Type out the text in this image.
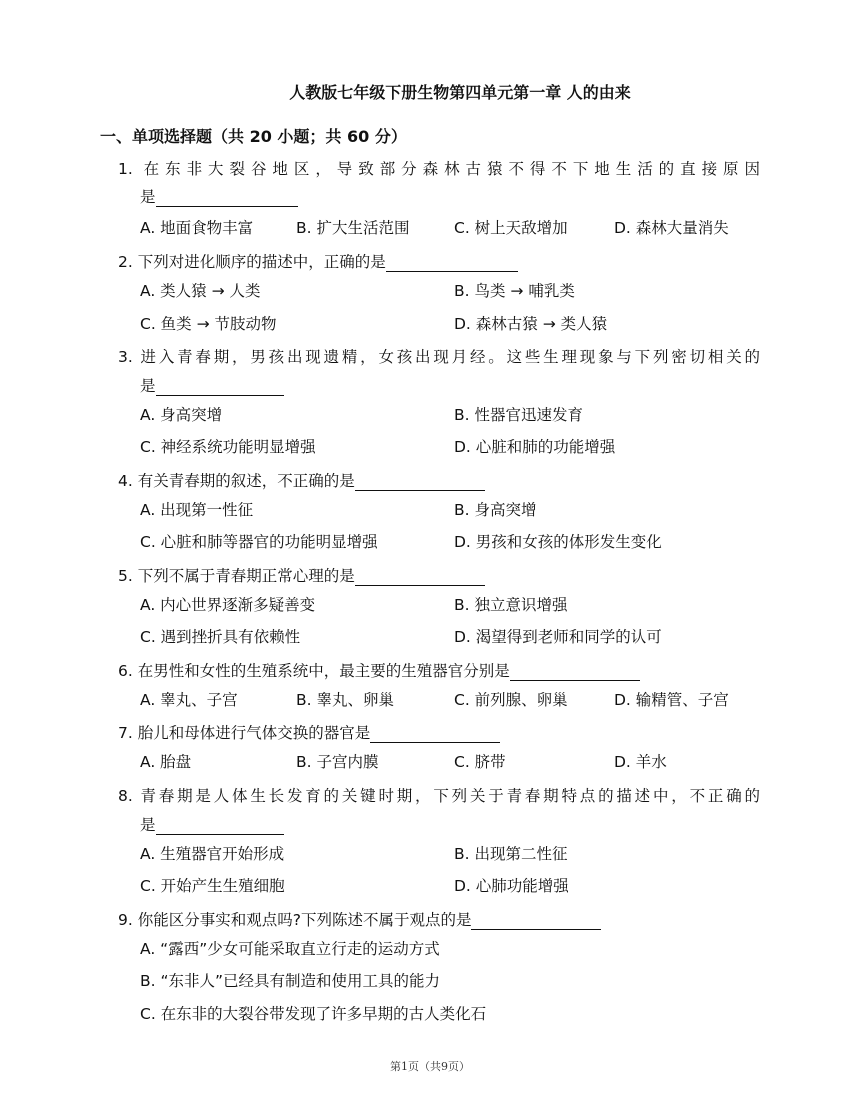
人教版七年级下册生物第四单元第一章 人的由来
一、单项选择题（共 20 小题；共 60 分）
1. 在东非大裂谷地区，导致部分森林古猿不得不下地生活的直接原因
是
A. 地面食物丰富	B. 扩大生活范围	C. 树上天敌增加	D. 森林大量消失
2. 下列对进化顺序的描述中，正确的是
A. 类人猿 → 人类	B. 鸟类 → 哺乳类
C. 鱼类 → 节肢动物	D. 森林古猿 → 类人猿
3. 进入青春期，男孩出现遗精，女孩出现月经。这些生理现象与下列密切相关的
是
A. 身高突增	B. 性器官迅速发育
C. 神经系统功能明显增强	D. 心脏和肺的功能增强
4. 有关青春期的叙述，不正确的是
A. 出现第一性征	B. 身高突增
C. 心脏和肺等器官的功能明显增强	D. 男孩和女孩的体形发生变化
5. 下列不属于青春期正常心理的是
A. 内心世界逐渐多疑善变	B. 独立意识增强
C. 遇到挫折具有依赖性	D. 渴望得到老师和同学的认可
6. 在男性和女性的生殖系统中，最主要的生殖器官分别是
A. 睾丸、子宫	B. 睾丸、卵巢	C. 前列腺、卵巢	D. 输精管、子宫
7. 胎儿和母体进行气体交换的器官是
A. 胎盘	B. 子宫内膜	C. 脐带	D. 羊水
8. 青春期是人体生长发育的关键时期，下列关于青春期特点的描述中，不正确的
是
A. 生殖器官开始形成	B. 出现第二性征
C. 开始产生生殖细胞	D. 心肺功能增强
9. 你能区分事实和观点吗?下列陈述不属于观点的是
A. “露西”少女可能采取直立行走的运动方式
B. “东非人”已经具有制造和使用工具的能力
C. 在东非的大裂谷带发现了许多早期的古人类化石
第1页（共9页）
